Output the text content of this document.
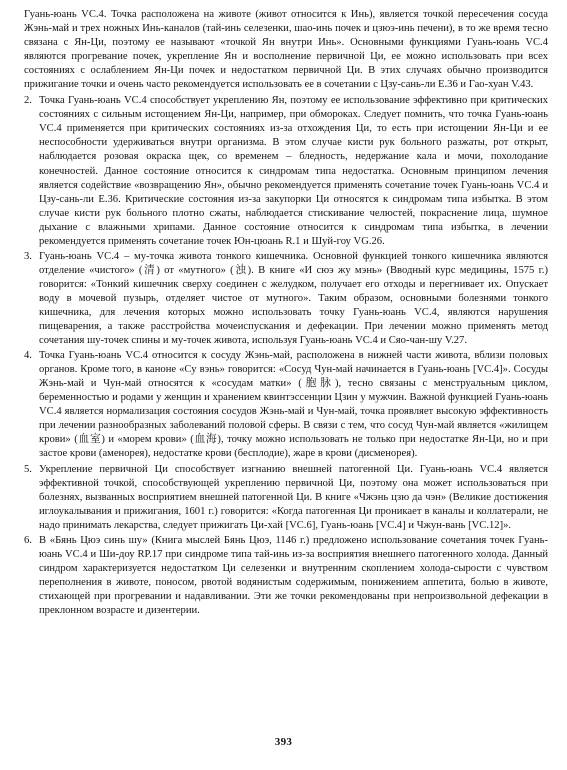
Гуань-юань VC.4. Точка расположена на животе (живот относится к Инь), является точкой пересечения сосуда Жэнь-май и трех ножных Инь-каналов (тай-инь селезенки, шао-инь почек и цзюэ-инь печени), в то же время тесно связана с Ян-Ци, поэтому ее называют «точкой Ян внутри Инь». Основными функциями Гуань-юань VC.4 являются прогревание почек, укрепление Ян и восполнение первичной Ци, ее можно использовать при всех состояниях с ослаблением Ян-Ци почек и недостатком первичной Ци. В этих случаях обычно производится прижигание точки и очень часто рекомендуется использовать ее в сочетании с Цзу-сань-ли E.36 и Гао-хуан V.43.

2. Точка Гуань-юань VC.4 способствует укреплению Ян, поэтому ее использование эффективно при критических состояниях с сильным истощением Ян-Ци, например, при обмороках. Следует помнить, что точка Гуань-юань VC.4 применяется при критических состояниях из-за отхождения Ци, то есть при истощении Ян-Ци и ее неспособности удерживаться внутри организма. В этом случае кисти рук больного разжаты, рот открыт, наблюдается розовая окраска щек, со временем – бледность, недержание кала и мочи, похолодание конечностей. Данное состояние относится к синдромам типа недостатка. Основным принципом лечения является содействие «возвращению Ян», обычно рекомендуется применять сочетание точек Гуань-юань VC.4 и Цзу-сань-ли E.36. Критические состояния из-за закупорки Ци относятся к синдромам типа избытка. В этом случае кисти рук больного плотно сжаты, наблюдается стискивание челюстей, покраснение лица, шумное дыхание с влажными хрипами. Данное состояние относится к синдромам типа избытка, в лечении рекомендуется применять сочетание точек Юн-цюань R.1 и Шуй-гоу VG.26.
3. Гуань-юань VC.4 – му-точка живота тонкого кишечника. Основной функцией тонкого кишечника являются отделение «чистого» (清) от «мутного» (浊). В книге «И сюэ жу мэнь» (Вводный курс медицины, 1575 г.) говорится: «Тонкий кишечник сверху соединен с желудком, получает его отходы и перегнивает их. Опускает воду в мочевой пузырь, отделяет чистое от мутного». Таким образом, основными болезнями тонкого кишечника, для лечения которых можно использовать точку Гуань-юань VC.4, являются нарушения пищеварения, а также расстройства мочеиспускания и дефекации. При лечении можно применять метод сочетания шу-точек спины и му-точек живота, используя Гуань-юань VC.4 и Сяо-чан-шу V.27.
4. Точка Гуань-юань VC.4 относится к сосуду Жэнь-май, расположена в нижней части живота, вблизи половых органов. Кроме того, в каноне «Су вэнь» говорится: «Сосуд Чун-май начинается в Гуань-юань [VC.4]». Сосуды Жэнь-май и Чун-май относятся к «сосудам матки» (胞脉), тесно связаны с менструальным циклом, беременностью и родами у женщин и хранением квинтэссенции Цзин у мужчин. Важной функцией Гуань-юань VC.4 является нормализация состояния сосудов Жэнь-май и Чун-май, точка проявляет высокую эффективность при лечении разнообразных заболеваний половой сферы. В связи с тем, что сосуд Чун-май является «жилищем крови» (血室) и «морем крови» (血海), точку можно использовать не только при недостатке Ян-Ци, но и при застое крови (аменорея), недостатке крови (бесплодие), жаре в крови (дисменорея).
5. Укрепление первичной Ци способствует изгнанию внешней патогенной Ци. Гуань-юань VC.4 является эффективной точкой, способствующей укреплению первичной Ци, поэтому она может использоваться при болезнях, вызванных восприятием внешней патогенной Ци. В книге «Чжэнь цзю да чэн» (Великие достижения иглоукалывания и прижигания, 1601 г.) говорится: «Когда патогенная Ци проникает в каналы и коллатерали, не надо принимать лекарства, следует прижигать Ци-хай [VC.6], Гуань-юань [VC.4] и Чжун-вань [VC.12]».
6. В «Бянь Цюэ синь шу» (Книга мыслей Бянь Цюэ, 1146 г.) предложено использование сочетания точек Гуань-юань VC.4 и Ши-доу RP.17 при синдроме типа тай-инь из-за восприятия внешнего патогенного холода. Данный синдром характеризуется недостатком Ци селезенки и внутренним скоплением холода-сырости с чувством переполнения в животе, поносом, рвотой водянистым содержимым, понижением аппетита, болью в животе, стихающей при прогревании и надавливании. Эти же точки рекомендованы при непроизвольной дефекации в преклонном возрасте и дизентерии.
393
